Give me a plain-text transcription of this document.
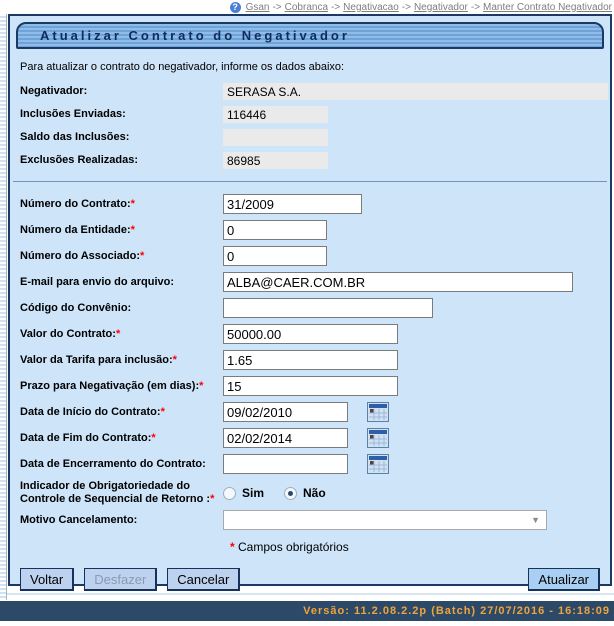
? Gsan -> Cobranca -> Negativacao -> Negativador -> Manter Contrato Negativador
Atualizar Contrato do Negativador

Para atualizar o contrato do negativador, informe os dados abaixo:

Negativador:	SERASA S.A.
Inclusões Enviadas:	116446
Saldo das Inclusões:
Exclusões Realizadas:	86985
Número do Contrato:*
31/2009
Número da Entidade:*
0
Número do Associado:*
0
E-mail para envio do arquivo:
ALBA@CAER.COM.BR
Código do Convênio:
Valor do Contrato:*
50000.00
Valor da Tarifa para inclusão:*
1.65
Prazo para Negativação (em dias):*
15
Data de Início do Contrato:*
09/02/2010
Data de Fim do Contrato:*
02/02/2014
Data de Encerramento do Contrato:
Indicador de Obrigatoriedade do Controle de Sequencial de Retorno :*	Sim	Não
Motivo Cancelamento:	▼

* Campos obrigatórios

Voltar	Desfazer	Cancelar	Atualizar
Versão: 11.2.08.2.2p (Batch) 27/07/2016 - 16:18:09
